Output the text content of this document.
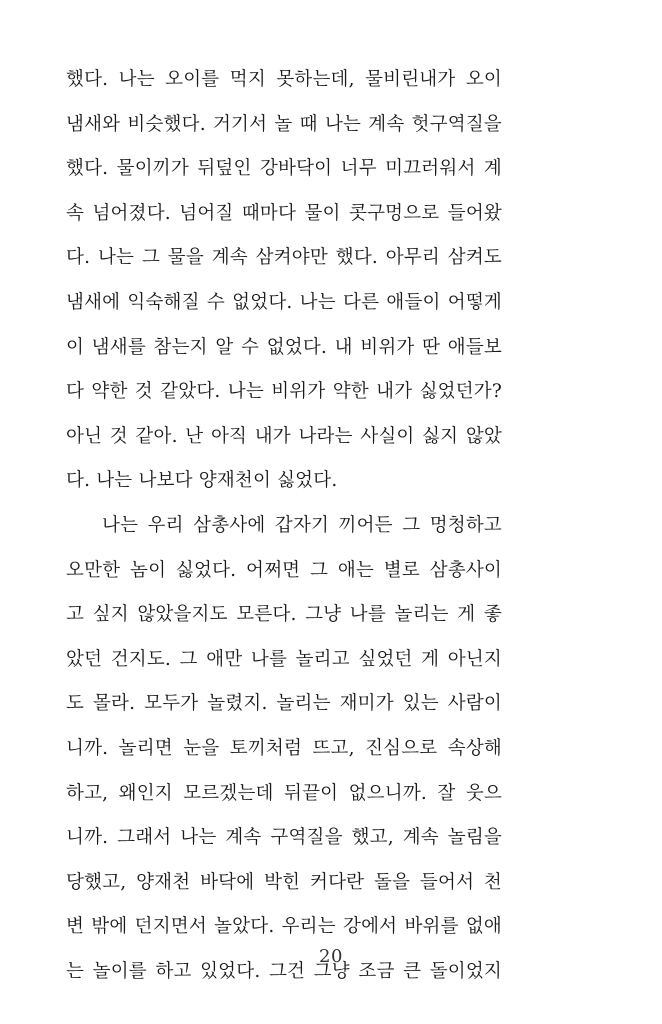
했다. 나는 오이를 먹지 못하는데, 물비린내가 오이
냄새와 비슷했다. 거기서 놀 때 나는 계속 헛구역질을
했다. 물이끼가 뒤덮인 강바닥이 너무 미끄러워서 계
속 넘어졌다. 넘어질 때마다 물이 콧구멍으로 들어왔
다. 나는 그 물을 계속 삼켜야만 했다. 아무리 삼켜도
냄새에 익숙해질 수 없었다. 나는 다른 애들이 어떻게
이 냄새를 참는지 알 수 없었다. 내 비위가 딴 애들보
다 약한 것 같았다. 나는 비위가 약한 내가 싫었던가?
아닌 것 같아. 난 아직 내가 나라는 사실이 싫지 않았
다. 나는 나보다 양재천이 싫었다.
나는 우리 삼총사에 갑자기 끼어든 그 멍청하고
오만한 놈이 싫었다. 어쩌면 그 애는 별로 삼총사이
고 싶지 않았을지도 모른다. 그냥 나를 놀리는 게 좋
았던 건지도. 그 애만 나를 놀리고 싶었던 게 아닌지
도 몰라. 모두가 놀렸지. 놀리는 재미가 있는 사람이
니까. 놀리면 눈을 토끼처럼 뜨고, 진심으로 속상해
하고, 왜인지 모르겠는데 뒤끝이 없으니까. 잘 웃으
니까. 그래서 나는 계속 구역질을 했고, 계속 놀림을
당했고, 양재천 바닥에 박힌 커다란 돌을 들어서 천
변 밖에 던지면서 놀았다. 우리는 강에서 바위를 없애
는 놀이를 하고 있었다. 그건 그냥 조금 큰 돌이었지
20
